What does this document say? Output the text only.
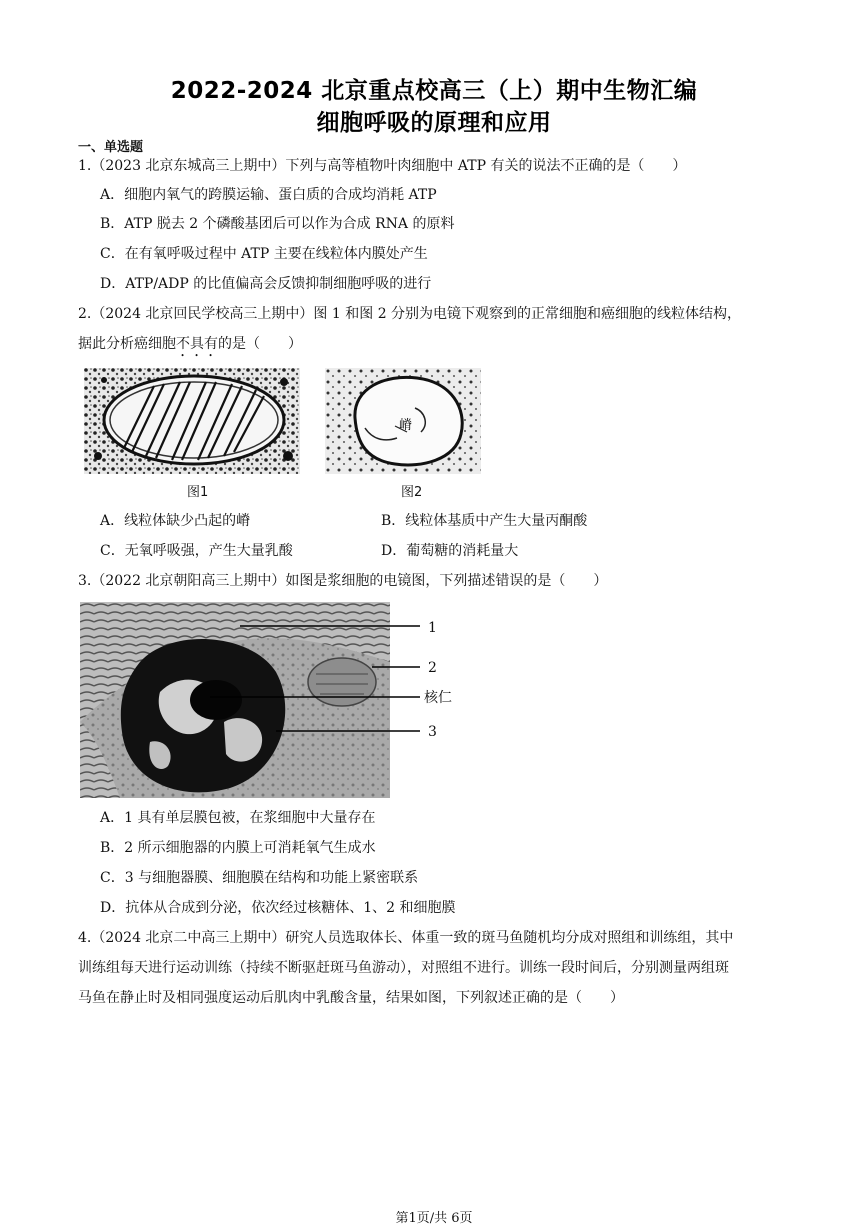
2022-2024 北京重点校高三（上）期中生物汇编
细胞呼吸的原理和应用
一、单选题
1.（2023 北京东城高三上期中）下列与高等植物叶肉细胞中 ATP 有关的说法不正确的是（　　）
A．细胞内氧气的跨膜运输、蛋白质的合成均消耗 ATP
B．ATP 脱去 2 个磷酸基团后可以作为合成 RNA 的原料
C．在有氧呼吸过程中 ATP 主要在线粒体内膜处产生
D．ATP/ADP 的比值偏高会反馈抑制细胞呼吸的进行
2.（2024 北京回民学校高三上期中）图 1 和图 2 分别为电镜下观察到的正常细胞和癌细胞的线粒体结构，
据此分析癌细胞不具有的是（　　）
图1
嵴
图2
A．线粒体缺少凸起的嵴	B．线粒体基质中产生大量丙酮酸
C．无氧呼吸强，产生大量乳酸	D．葡萄糖的消耗量大
3.（2022 北京朝阳高三上期中）如图是浆细胞的电镜图，下列描述错误的是（　　）
1
2
核仁
3
A．1 具有单层膜包被，在浆细胞中大量存在
B．2 所示细胞器的内膜上可消耗氧气生成水
C．3 与细胞器膜、细胞膜在结构和功能上紧密联系
D．抗体从合成到分泌，依次经过核糖体、1、2 和细胞膜
4.（2024 北京二中高三上期中）研究人员选取体长、体重一致的斑马鱼随机均分成对照组和训练组，其中
训练组每天进行运动训练（持续不断驱赶斑马鱼游动），对照组不进行。训练一段时间后，分别测量两组斑
马鱼在静止时及相同强度运动后肌肉中乳酸含量，结果如图，下列叙述正确的是（　　）
第1页/共 6页
